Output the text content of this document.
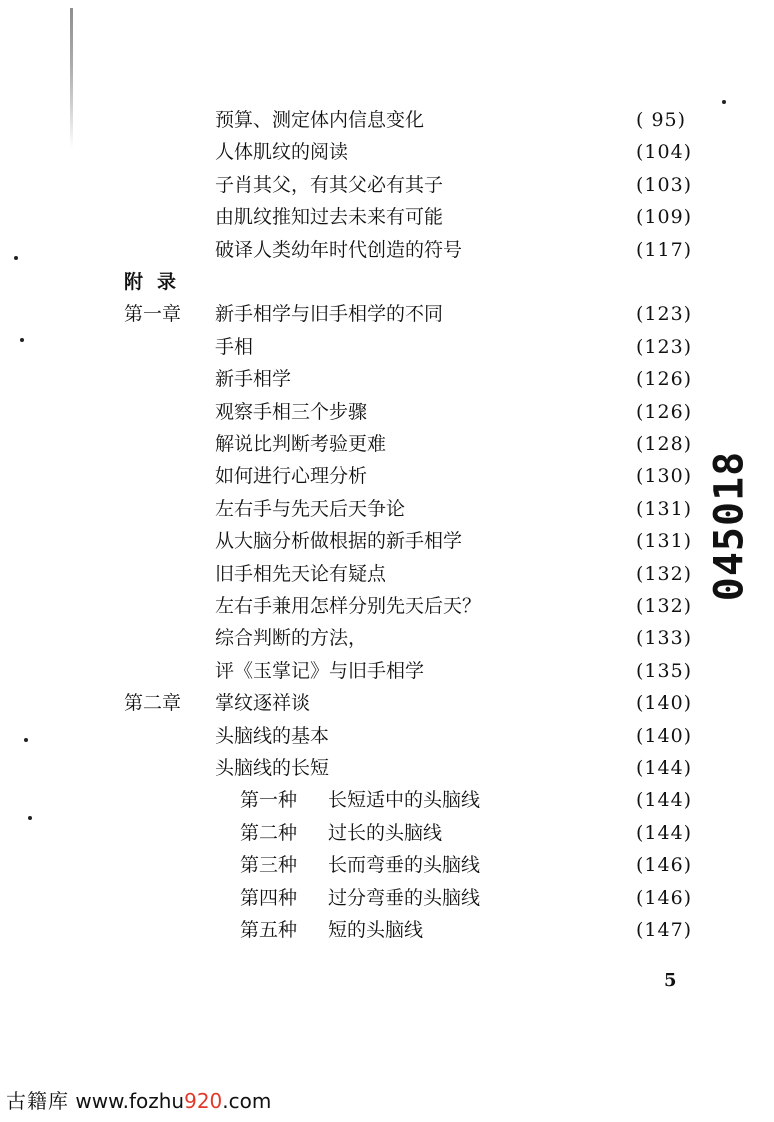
预算、测定体内信息变化	( 95)
人体肌纹的阅读	(104)
子肖其父，有其父必有其子	(103)
由肌纹推知过去未来有可能	(109)
破译人类幼年时代创造的符号	(117)
附录
第一章 新手相学与旧手相学的不同	(123)
手相	(123)
新手相学	(126)
观察手相三个步骤	(126)
解说比判断考验更难	(128)
如何进行心理分析	(130)
左右手与先天后天争论	(131)
从大脑分析做根据的新手相学	(131)
旧手相先天论有疑点	(132)
左右手兼用怎样分别先天后天？	(132)
综合判断的方法，	(133)
评《玉掌记》与旧手相学	(135)
第二章 掌纹逐祥谈	(140)
头脑线的基本	(140)
头脑线的长短	(144)
第一种 长短适中的头脑线	(144)
第二种 过长的头脑线	(144)
第三种 长而弯垂的头脑线	(146)
第四种 过分弯垂的头脑线	(146)
第五种 短的头脑线	(147)
045018
5
古籍库 www.fozhu920.com
